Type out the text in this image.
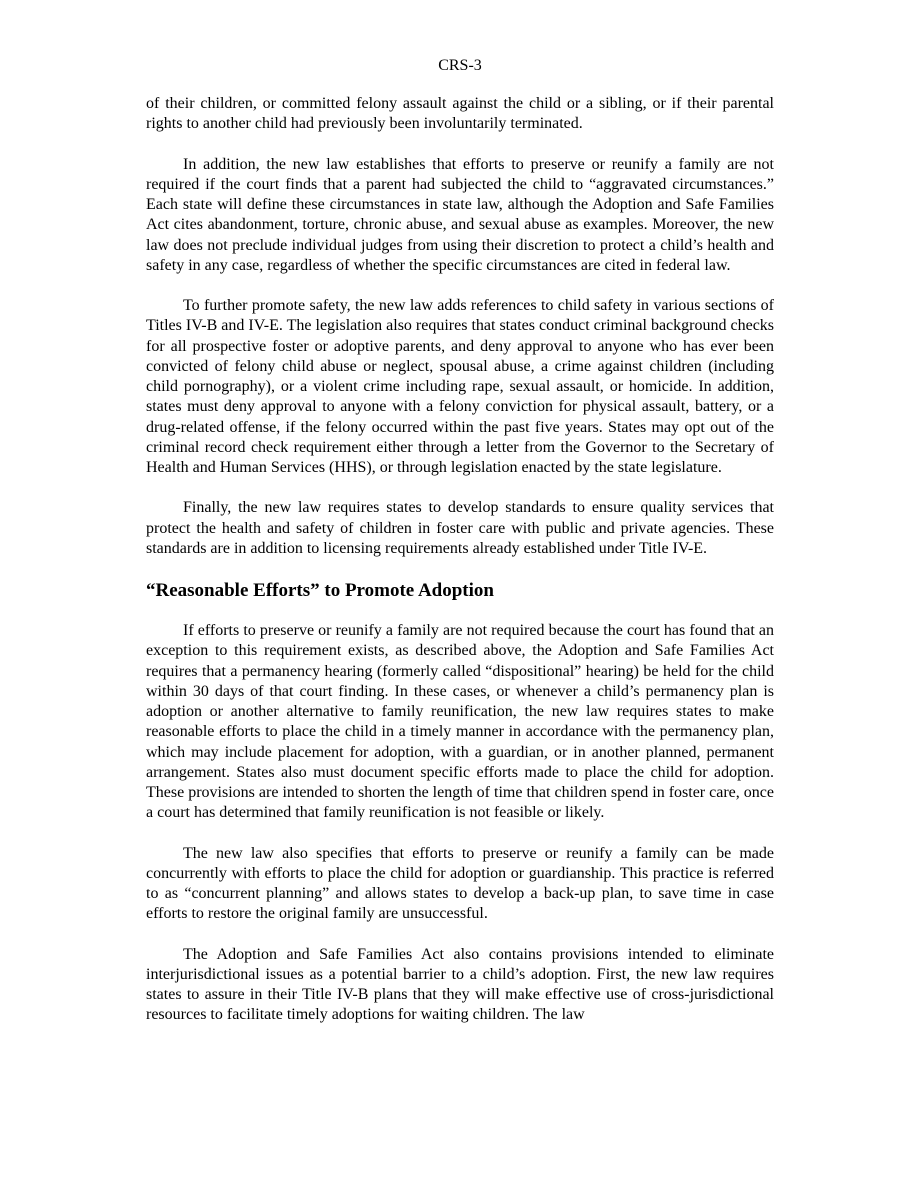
CRS-3

of their children, or committed felony assault against the child or a sibling, or if their parental rights to another child had previously been involuntarily terminated.

In addition, the new law establishes that efforts to preserve or reunify a family are not required if the court finds that a parent had subjected the child to “aggravated circumstances.” Each state will define these circumstances in state law, although the Adoption and Safe Families Act cites abandonment, torture, chronic abuse, and sexual abuse as examples. Moreover, the new law does not preclude individual judges from using their discretion to protect a child’s health and safety in any case, regardless of whether the specific circumstances are cited in federal law.

To further promote safety, the new law adds references to child safety in various sections of Titles IV-B and IV-E. The legislation also requires that states conduct criminal background checks for all prospective foster or adoptive parents, and deny approval to anyone who has ever been convicted of felony child abuse or neglect, spousal abuse, a crime against children (including child pornography), or a violent crime including rape, sexual assault, or homicide. In addition, states must deny approval to anyone with a felony conviction for physical assault, battery, or a drug-related offense, if the felony occurred within the past five years. States may opt out of the criminal record check requirement either through a letter from the Governor to the Secretary of Health and Human Services (HHS), or through legislation enacted by the state legislature.

Finally, the new law requires states to develop standards to ensure quality services that protect the health and safety of children in foster care with public and private agencies. These standards are in addition to licensing requirements already established under Title IV-E.

“Reasonable Efforts” to Promote Adoption

If efforts to preserve or reunify a family are not required because the court has found that an exception to this requirement exists, as described above, the Adoption and Safe Families Act requires that a permanency hearing (formerly called “dispositional” hearing) be held for the child within 30 days of that court finding. In these cases, or whenever a child’s permanency plan is adoption or another alternative to family reunification, the new law requires states to make reasonable efforts to place the child in a timely manner in accordance with the permanency plan, which may include placement for adoption, with a guardian, or in another planned, permanent arrangement. States also must document specific efforts made to place the child for adoption. These provisions are intended to shorten the length of time that children spend in foster care, once a court has determined that family reunification is not feasible or likely.

The new law also specifies that efforts to preserve or reunify a family can be made concurrently with efforts to place the child for adoption or guardianship. This practice is referred to as “concurrent planning” and allows states to develop a back-up plan, to save time in case efforts to restore the original family are unsuccessful.

The Adoption and Safe Families Act also contains provisions intended to eliminate interjurisdictional issues as a potential barrier to a child’s adoption. First, the new law requires states to assure in their Title IV-B plans that they will make effective use of cross-jurisdictional resources to facilitate timely adoptions for waiting children. The law
